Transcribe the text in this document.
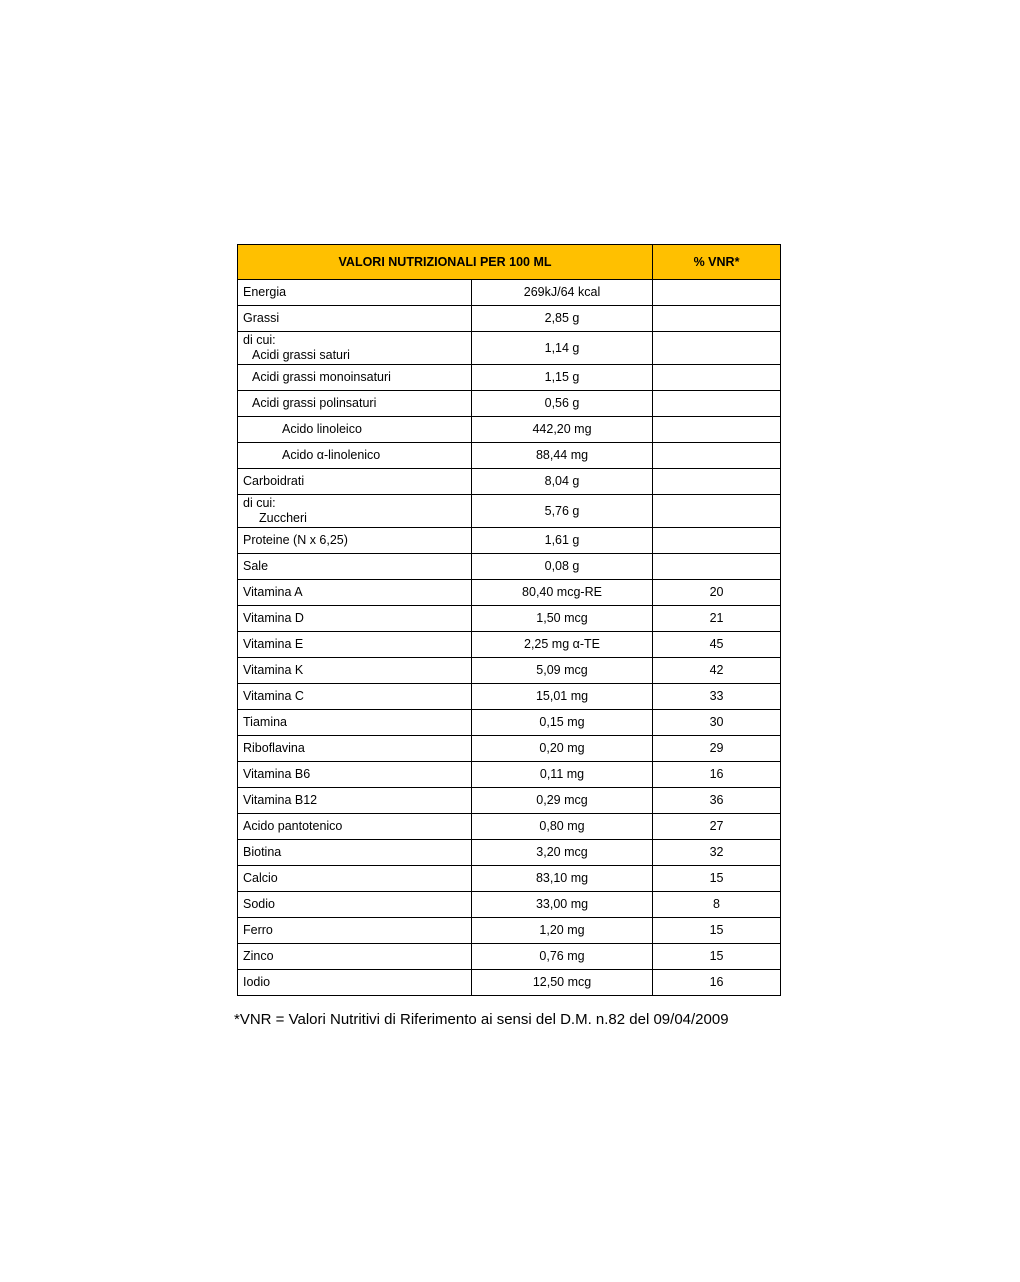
VALORI NUTRIZIONALI PER 100 ML		% VNR*
Energia	269kJ/64 kcal	
Grassi	2,85 g	

di cui:
Acidi grassi saturi	1,14 g	
Acidi grassi monoinsaturi	1,15 g	
Acidi grassi polinsaturi	0,56 g	
Acido linoleico	442,20 mg	
Acido α-linolenico	88,44 mg	
Carboidrati	8,04 g	

di cui:
Zuccheri	5,76 g	
Proteine (N x 6,25)	1,61 g	
Sale	0,08 g	
Vitamina A	80,40 mcg-RE	20
Vitamina D	1,50 mcg	21
Vitamina E	2,25 mg α-TE	45
Vitamina K	5,09 mcg	42
Vitamina C	15,01 mg	33
Tiamina	0,15 mg	30
Riboflavina	0,20 mg	29
Vitamina B6	0,11 mg	16
Vitamina B12	0,29 mcg	36
Acido pantotenico	0,80 mg	27
Biotina	3,20 mcg	32
Calcio	83,10 mg	15
Sodio	33,00 mg	8
Ferro	1,20 mg	15
Zinco	0,76 mg	15
Iodio	12,50 mcg	16
*VNR = Valori Nutritivi di Riferimento ai sensi del D.M. n.82 del 09/04/2009
